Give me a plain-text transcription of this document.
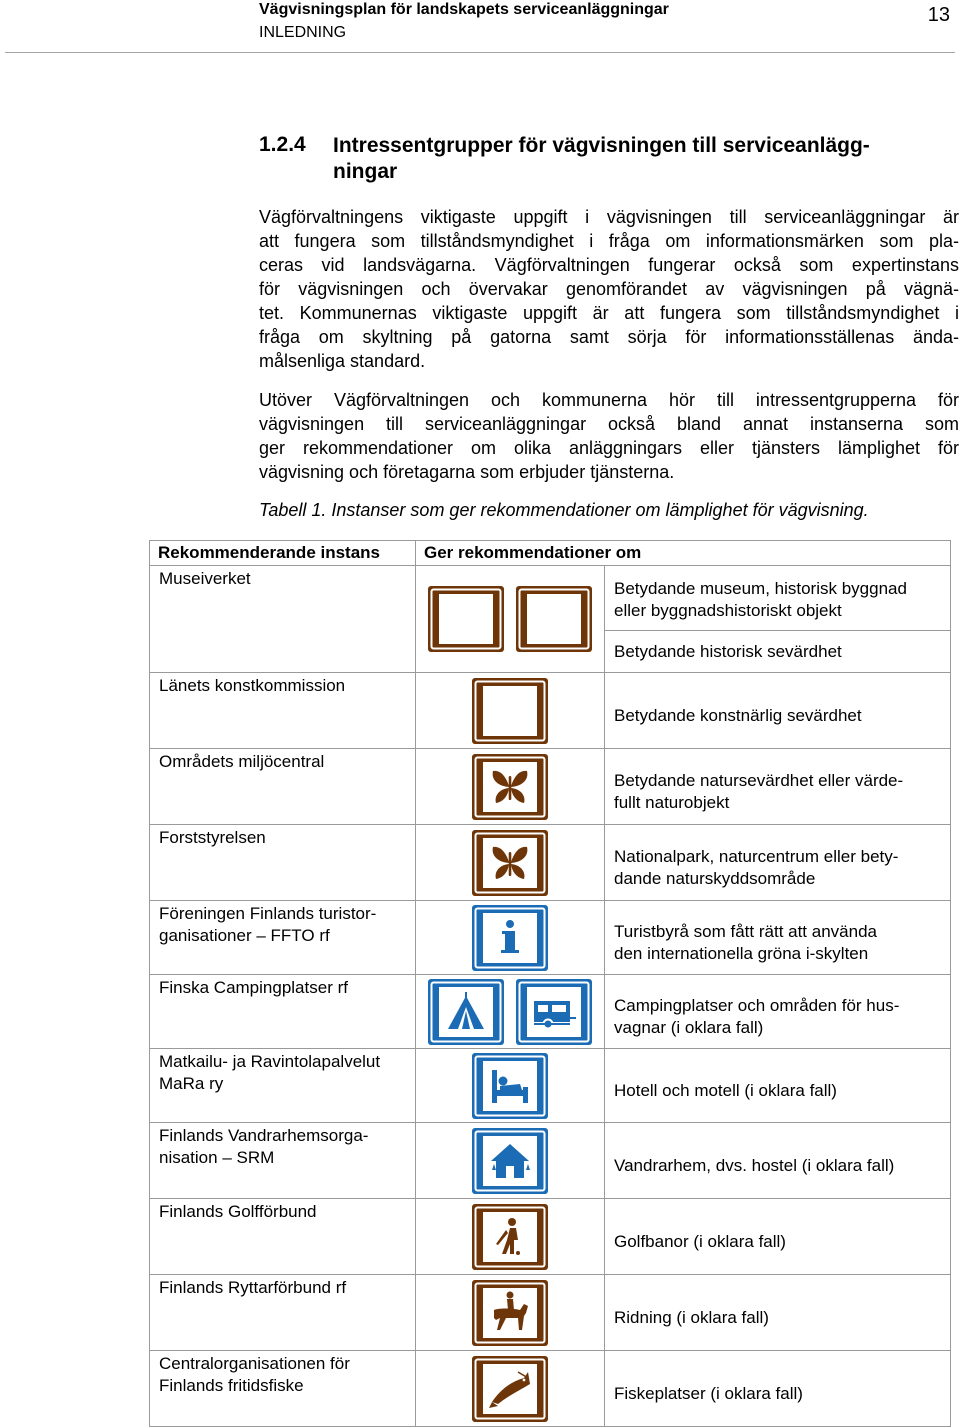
Vägvisningsplan för landskapets serviceanläggningar
INLEDNING
13
1.2.4 Intressentgrupper för vägvisningen till serviceanlägg-
ningar
Vägförvaltningens viktigaste uppgift i vägvisningen till serviceanläggningar är
att fungera som tillståndsmyndighet i fråga om informationsmärken som pla-
ceras vid landsvägarna. Vägförvaltningen fungerar också som expertinstans
för vägvisningen och övervakar genomförandet av vägvisningen på vägnä-
tet. Kommunernas viktigaste uppgift är att fungera som tillståndsmyndighet i
fråga om skyltning på gatorna samt sörja för informationsställenas ända-
målsenliga standard.
Utöver Vägförvaltningen och kommunerna hör till intressentgrupperna för
vägvisningen till serviceanläggningar också bland annat instanserna som
ger rekommendationer om olika anläggningars eller tjänsters lämplighet för
vägvisning och företagarna som erbjuder tjänsterna.
Tabell 1. Instanser som ger rekommendationer om lämplighet för vägvisning.
Rekommenderande instans	Ger rekommendationer om	

Museiverket		Betydande museum, historisk byggnad
eller byggnadshistoriskt objekt
Betydande historisk sevärdhet

Länets konstkommission		Betydande konstnärlig sevärdhet

Områdets miljöcentral		Betydande natursevärdhet eller värde-
fullt naturobjekt

Forststyrelsen		Nationalpark, naturcentrum eller bety-
dande naturskyddsområde

Föreningen Finlands turistor-
ganisationer – FFTO rf		Turistbyrå som fått rätt att använda
den internationella gröna i-skylten

Finska Campingplatser rf		Campingplatser och områden för hus-
vagnar (i oklara fall)

Matkailu- ja Ravintolapalvelut
MaRa ry		Hotell och motell (i oklara fall)

Finlands Vandrarhemsorga-
nisation – SRM		Vandrarhem, dvs. hostel (i oklara fall)

Finlands Golfförbund		Golfbanor (i oklara fall)

Finlands Ryttarförbund rf		Ridning (i oklara fall)

Centralorganisationen för
Finlands fritidsfiske		Fiskeplatser (i oklara fall)
